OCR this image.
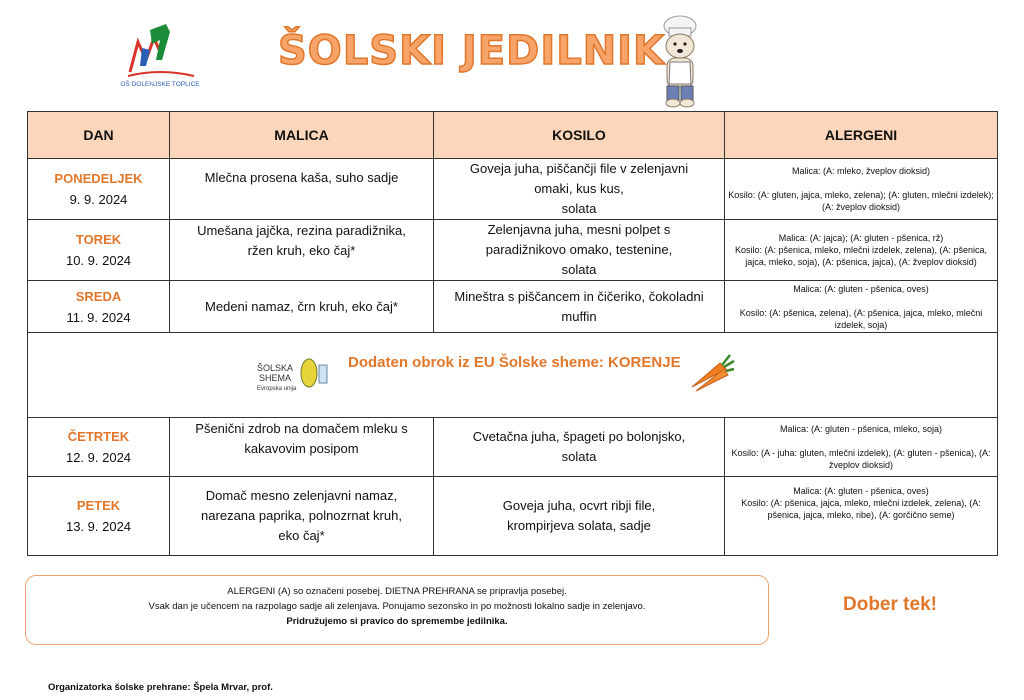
OŠ DOLENJSKE TOPLICE
ŠOLSKI JEDILNIK
DAN	MALICA	KOSILO	ALERGENI

PONEDELJEK
9. 9. 2024	Mlečna prosena kaša, suho sadje	Goveja juha, piščančji file v zelenjavni
omaki, kus kus,
solata	Malica: (A: mleko, žveplov dioksid)
Kosilo: (A: gluten, jajca, mleko, zelena); (A: gluten, mlečni izdelek); (A: žveplov dioksid)

TOREK
10. 9. 2024	Umešana jajčka, rezina paradižnika,
ržen kruh, eko čaj*	Zelenjavna juha, mesni polpet s
paradižnikovo omako, testenine,
solata	Malica: (A: jajca); (A: gluten - pšenica, rž)
Kosilo: (A: pšenica, mleko, mlečni izdelek, zelena), (A: pšenica, jajca, mleko, soja), (A: pšenica, jajca), (A: žveplov dioksid)

SREDA
11. 9. 2024	Medeni namaz, črn kruh, eko čaj*	Mineštra s piščancem in čičeriko, čokoladni
muffin	Malica: (A: gluten - pšenica, oves)
Kosilo: (A: pšenica, zelena), (A: pšenica, jajca, mleko, mlečni izdelek, soja)

ŠOLSKA
SHEMA
Evropska unija
Dodaten obrok iz EU Šolske sheme: KORENJE			

ČETRTEK
12. 9. 2024	Pšenični zdrob na domačem mleku s
kakavovim posipom	Cvetačna juha, špageti po bolonjsko,
solata	Malica: (A: gluten - pšenica, mleko, soja)
Kosilo: (A - juha: gluten, mlečni izdelek), (A: gluten - pšenica), (A: žveplov dioksid)

PETEK
13. 9. 2024	Domač mesno zelenjavni namaz,
narezana paprika, polnozrnat kruh,
eko čaj*	Goveja juha, ocvrt ribji file,
krompirjeva solata, sadje	Malica: (A: gluten - pšenica, oves)
Kosilo: (A: pšenica, jajca, mleko, mlečni izdelek, zelena), (A: pšenica, jajca, mleko, ribe), (A: gorčično seme)
ALERGENI (A) so označeni posebej. DIETNA PREHRANA se pripravlja posebej.
Vsak dan je učencem na razpolago sadje ali zelenjava. Ponujamo sezonsko in po možnosti lokalno sadje in zelenjavo.
Pridružujemo si pravico do spremembe jedilnika.
Dober tek!
Organizatorka šolske prehrane: Špela Mrvar, prof.
